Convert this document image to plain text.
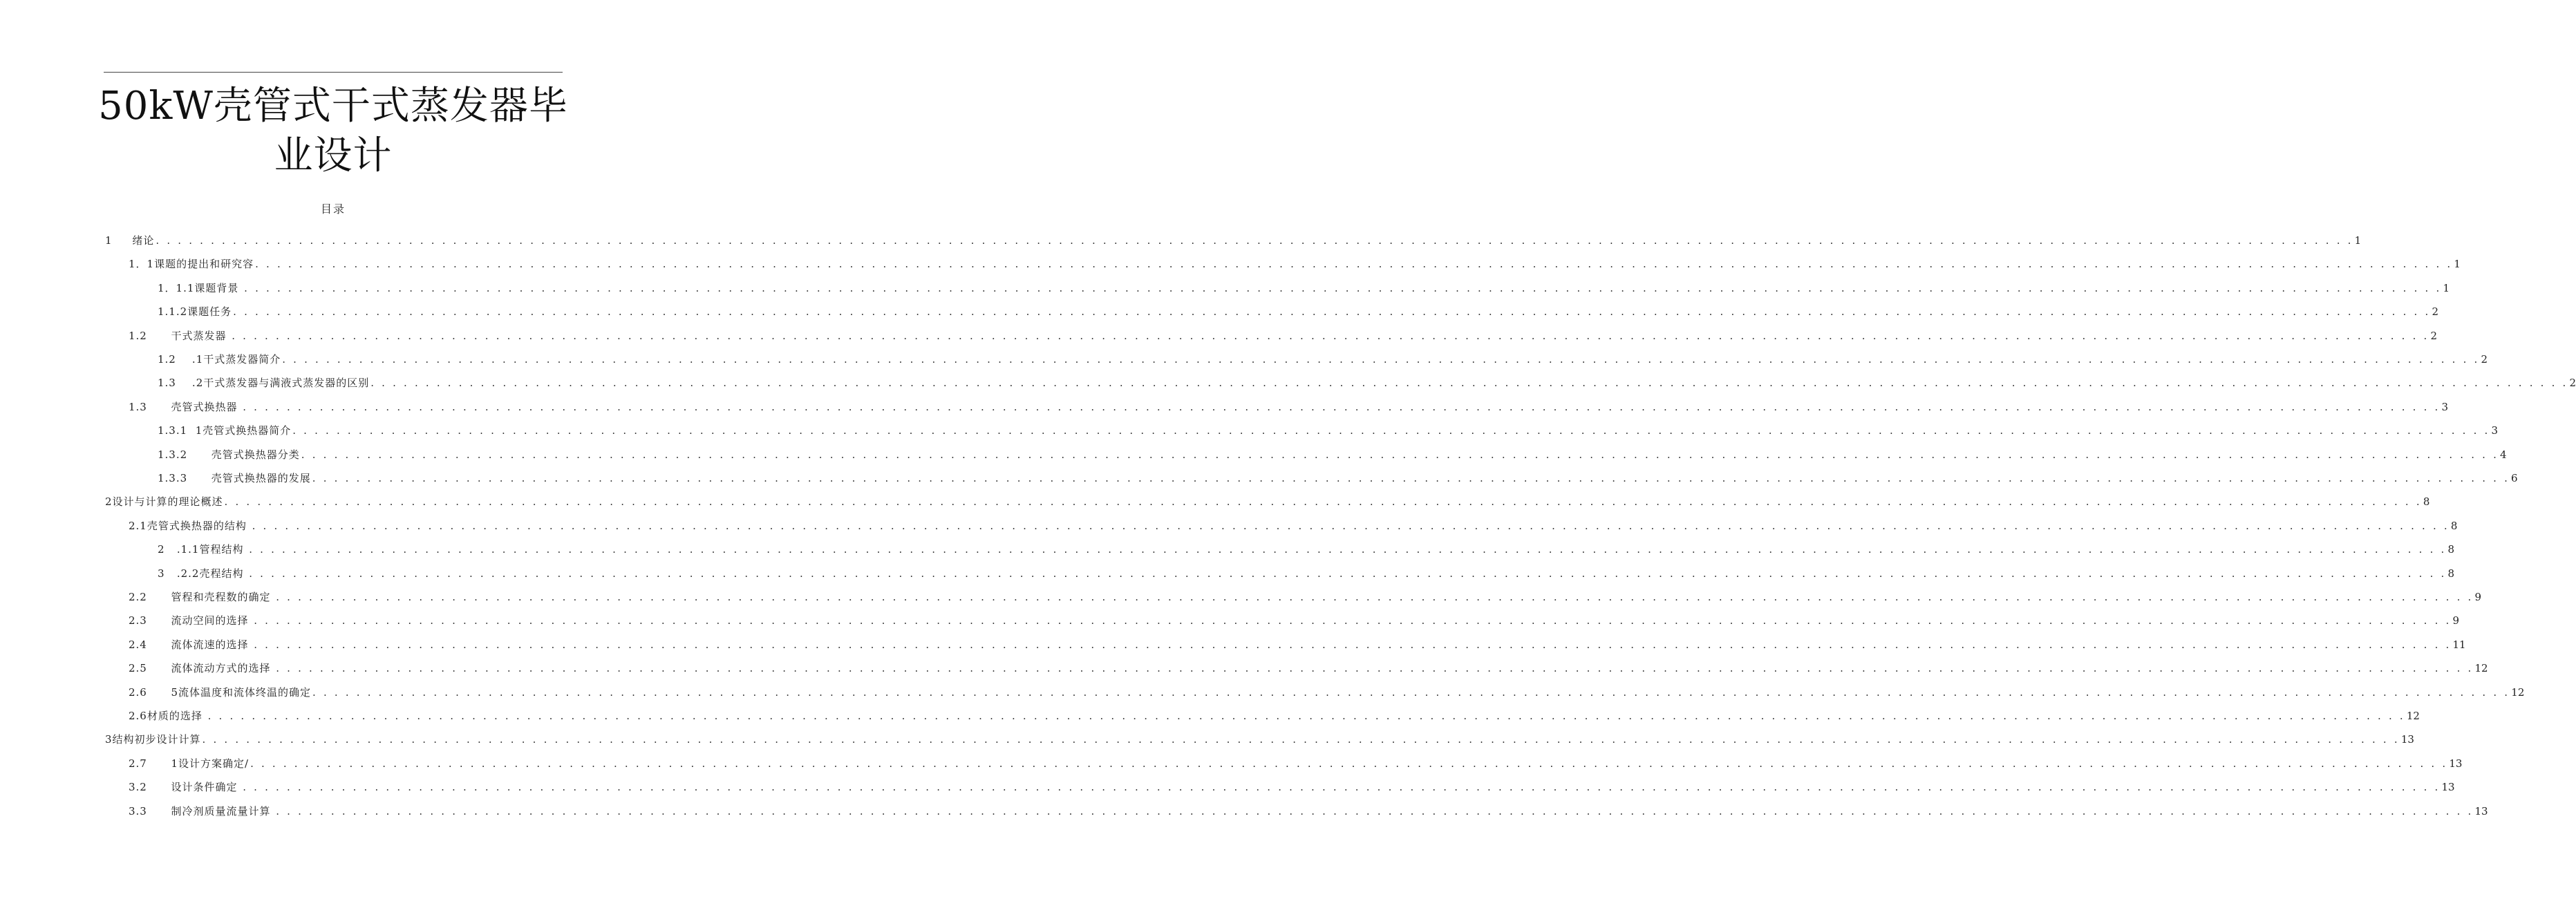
50kW壳管式干式蒸发器毕
业设计
目录
1     绪论 . . . . . . . . . . . . . . . . . . . . . . . . . . . . . . . . . . . . . . . . . . . . . . . . . . . . . . . . . . . . . . . . . . . . . . . . . . . . . . . . . . . . . . . . . . . . . . . . . . . . . . . . . . . . . . . . . . . . . . . . . . . . . . . . . . . . . . . . . . . . . . . . . . . . . . . . . . . . . . . . . . . . . . . . . . . . . . . . . . . . . . . . . . . . . . . . . . . . . . . . 1
1．1课题的提出和研究容 . . . . . . . . . . . . . . . . . . . . . . . . . . . . . . . . . . . . . . . . . . . . . . . . . . . . . . . . . . . . . . . . . . . . . . . . . . . . . . . . . . . . . . . . . . . . . . . . . . . . . . . . . . . . . . . . . . . . . . . . . . . . . . . . . . . . . . . . . . . . . . . . . . . . . . . . . . . . . . . . . . . . . . . . . . . . . . . . . . . . . . . . . . . . . . . . . . . . . . . . 1
1．1.1课题背景 . . . . . . . . . . . . . . . . . . . . . . . . . . . . . . . . . . . . . . . . . . . . . . . . . . . . . . . . . . . . . . . . . . . . . . . . . . . . . . . . . . . . . . . . . . . . . . . . . . . . . . . . . . . . . . . . . . . . . . . . . . . . . . . . . . . . . . . . . . . . . . . . . . . . . . . . . . . . . . . . . . . . . . . . . . . . . . . . . . . . . . . . . . . . . . . . . . . . . . . . 1
1.1.2课题任务 . . . . . . . . . . . . . . . . . . . . . . . . . . . . . . . . . . . . . . . . . . . . . . . . . . . . . . . . . . . . . . . . . . . . . . . . . . . . . . . . . . . . . . . . . . . . . . . . . . . . . . . . . . . . . . . . . . . . . . . . . . . . . . . . . . . . . . . . . . . . . . . . . . . . . . . . . . . . . . . . . . . . . . . . . . . . . . . . . . . . . . . . . . . . . . . . . . . . . . . . 2
1.2      干式蒸发器 . . . . . . . . . . . . . . . . . . . . . . . . . . . . . . . . . . . . . . . . . . . . . . . . . . . . . . . . . . . . . . . . . . . . . . . . . . . . . . . . . . . . . . . . . . . . . . . . . . . . . . . . . . . . . . . . . . . . . . . . . . . . . . . . . . . . . . . . . . . . . . . . . . . . . . . . . . . . . . . . . . . . . . . . . . . . . . . . . . . . . . . . . . . . . . . . . . . . . . . . 2
1.2    .1干式蒸发器简介 . . . . . . . . . . . . . . . . . . . . . . . . . . . . . . . . . . . . . . . . . . . . . . . . . . . . . . . . . . . . . . . . . . . . . . . . . . . . . . . . . . . . . . . . . . . . . . . . . . . . . . . . . . . . . . . . . . . . . . . . . . . . . . . . . . . . . . . . . . . . . . . . . . . . . . . . . . . . . . . . . . . . . . . . . . . . . . . . . . . . . . . . . . . . . . . . . . . . . . . . 2
1.3    .2干式蒸发器与满液式蒸发器的区别 . . . . . . . . . . . . . . . . . . . . . . . . . . . . . . . . . . . . . . . . . . . . . . . . . . . . . . . . . . . . . . . . . . . . . . . . . . . . . . . . . . . . . . . . . . . . . . . . . . . . . . . . . . . . . . . . . . . . . . . . . . . . . . . . . . . . . . . . . . . . . . . . . . . . . . . . . . . . . . . . . . . . . . . . . . . . . . . . . . . . . . . . . . . . . . . . . . . . . . . . 2
1.3      壳管式换热器 . . . . . . . . . . . . . . . . . . . . . . . . . . . . . . . . . . . . . . . . . . . . . . . . . . . . . . . . . . . . . . . . . . . . . . . . . . . . . . . . . . . . . . . . . . . . . . . . . . . . . . . . . . . . . . . . . . . . . . . . . . . . . . . . . . . . . . . . . . . . . . . . . . . . . . . . . . . . . . . . . . . . . . . . . . . . . . . . . . . . . . . . . . . . . . . . . . . . . . . . 3
1.3.1  1壳管式换热器简介 . . . . . . . . . . . . . . . . . . . . . . . . . . . . . . . . . . . . . . . . . . . . . . . . . . . . . . . . . . . . . . . . . . . . . . . . . . . . . . . . . . . . . . . . . . . . . . . . . . . . . . . . . . . . . . . . . . . . . . . . . . . . . . . . . . . . . . . . . . . . . . . . . . . . . . . . . . . . . . . . . . . . . . . . . . . . . . . . . . . . . . . . . . . . . . . . . . . . . . . . 3
1.3.2      壳管式换热器分类 . . . . . . . . . . . . . . . . . . . . . . . . . . . . . . . . . . . . . . . . . . . . . . . . . . . . . . . . . . . . . . . . . . . . . . . . . . . . . . . . . . . . . . . . . . . . . . . . . . . . . . . . . . . . . . . . . . . . . . . . . . . . . . . . . . . . . . . . . . . . . . . . . . . . . . . . . . . . . . . . . . . . . . . . . . . . . . . . . . . . . . . . . . . . . . . . . . . . . . . . 4
1.3.3      壳管式换热器的发展 . . . . . . . . . . . . . . . . . . . . . . . . . . . . . . . . . . . . . . . . . . . . . . . . . . . . . . . . . . . . . . . . . . . . . . . . . . . . . . . . . . . . . . . . . . . . . . . . . . . . . . . . . . . . . . . . . . . . . . . . . . . . . . . . . . . . . . . . . . . . . . . . . . . . . . . . . . . . . . . . . . . . . . . . . . . . . . . . . . . . . . . . . . . . . . . . . . . . . . . . 6
2设计与计算的理论概述 . . . . . . . . . . . . . . . . . . . . . . . . . . . . . . . . . . . . . . . . . . . . . . . . . . . . . . . . . . . . . . . . . . . . . . . . . . . . . . . . . . . . . . . . . . . . . . . . . . . . . . . . . . . . . . . . . . . . . . . . . . . . . . . . . . . . . . . . . . . . . . . . . . . . . . . . . . . . . . . . . . . . . . . . . . . . . . . . . . . . . . . . . . . . . . . . . . . . . . . . 8
2.1壳管式换热器的结构 . . . . . . . . . . . . . . . . . . . . . . . . . . . . . . . . . . . . . . . . . . . . . . . . . . . . . . . . . . . . . . . . . . . . . . . . . . . . . . . . . . . . . . . . . . . . . . . . . . . . . . . . . . . . . . . . . . . . . . . . . . . . . . . . . . . . . . . . . . . . . . . . . . . . . . . . . . . . . . . . . . . . . . . . . . . . . . . . . . . . . . . . . . . . . . . . . . . . . . . . 8
2   .1.1管程结构 . . . . . . . . . . . . . . . . . . . . . . . . . . . . . . . . . . . . . . . . . . . . . . . . . . . . . . . . . . . . . . . . . . . . . . . . . . . . . . . . . . . . . . . . . . . . . . . . . . . . . . . . . . . . . . . . . . . . . . . . . . . . . . . . . . . . . . . . . . . . . . . . . . . . . . . . . . . . . . . . . . . . . . . . . . . . . . . . . . . . . . . . . . . . . . . . . . . . . . . . 8
3   .2.2壳程结构 . . . . . . . . . . . . . . . . . . . . . . . . . . . . . . . . . . . . . . . . . . . . . . . . . . . . . . . . . . . . . . . . . . . . . . . . . . . . . . . . . . . . . . . . . . . . . . . . . . . . . . . . . . . . . . . . . . . . . . . . . . . . . . . . . . . . . . . . . . . . . . . . . . . . . . . . . . . . . . . . . . . . . . . . . . . . . . . . . . . . . . . . . . . . . . . . . . . . . . . . 8
2.2      管程和壳程数的确定 . . . . . . . . . . . . . . . . . . . . . . . . . . . . . . . . . . . . . . . . . . . . . . . . . . . . . . . . . . . . . . . . . . . . . . . . . . . . . . . . . . . . . . . . . . . . . . . . . . . . . . . . . . . . . . . . . . . . . . . . . . . . . . . . . . . . . . . . . . . . . . . . . . . . . . . . . . . . . . . . . . . . . . . . . . . . . . . . . . . . . . . . . . . . . . . . . . . . . . . . 9
2.3      流动空间的选择 . . . . . . . . . . . . . . . . . . . . . . . . . . . . . . . . . . . . . . . . . . . . . . . . . . . . . . . . . . . . . . . . . . . . . . . . . . . . . . . . . . . . . . . . . . . . . . . . . . . . . . . . . . . . . . . . . . . . . . . . . . . . . . . . . . . . . . . . . . . . . . . . . . . . . . . . . . . . . . . . . . . . . . . . . . . . . . . . . . . . . . . . . . . . . . . . . . . . . . . . 9
2.4      流体流速的选择 . . . . . . . . . . . . . . . . . . . . . . . . . . . . . . . . . . . . . . . . . . . . . . . . . . . . . . . . . . . . . . . . . . . . . . . . . . . . . . . . . . . . . . . . . . . . . . . . . . . . . . . . . . . . . . . . . . . . . . . . . . . . . . . . . . . . . . . . . . . . . . . . . . . . . . . . . . . . . . . . . . . . . . . . . . . . . . . . . . . . . . . . . . . . . . . . . . . . . . . . 11
2.5      流体流动方式的选择 . . . . . . . . . . . . . . . . . . . . . . . . . . . . . . . . . . . . . . . . . . . . . . . . . . . . . . . . . . . . . . . . . . . . . . . . . . . . . . . . . . . . . . . . . . . . . . . . . . . . . . . . . . . . . . . . . . . . . . . . . . . . . . . . . . . . . . . . . . . . . . . . . . . . . . . . . . . . . . . . . . . . . . . . . . . . . . . . . . . . . . . . . . . . . . . . . . . . . . . . 12
2.6      5流体温度和流体终温的确定 . . . . . . . . . . . . . . . . . . . . . . . . . . . . . . . . . . . . . . . . . . . . . . . . . . . . . . . . . . . . . . . . . . . . . . . . . . . . . . . . . . . . . . . . . . . . . . . . . . . . . . . . . . . . . . . . . . . . . . . . . . . . . . . . . . . . . . . . . . . . . . . . . . . . . . . . . . . . . . . . . . . . . . . . . . . . . . . . . . . . . . . . . . . . . . . . . . . . . . . . 12
2.6材质的选择 . . . . . . . . . . . . . . . . . . . . . . . . . . . . . . . . . . . . . . . . . . . . . . . . . . . . . . . . . . . . . . . . . . . . . . . . . . . . . . . . . . . . . . . . . . . . . . . . . . . . . . . . . . . . . . . . . . . . . . . . . . . . . . . . . . . . . . . . . . . . . . . . . . . . . . . . . . . . . . . . . . . . . . . . . . . . . . . . . . . . . . . . . . . . . . . . . . . . . . . . 12
3结构初步设计计算 . . . . . . . . . . . . . . . . . . . . . . . . . . . . . . . . . . . . . . . . . . . . . . . . . . . . . . . . . . . . . . . . . . . . . . . . . . . . . . . . . . . . . . . . . . . . . . . . . . . . . . . . . . . . . . . . . . . . . . . . . . . . . . . . . . . . . . . . . . . . . . . . . . . . . . . . . . . . . . . . . . . . . . . . . . . . . . . . . . . . . . . . . . . . . . . . . . . . . . . . 13
2.7      1设计方案确定/ . . . . . . . . . . . . . . . . . . . . . . . . . . . . . . . . . . . . . . . . . . . . . . . . . . . . . . . . . . . . . . . . . . . . . . . . . . . . . . . . . . . . . . . . . . . . . . . . . . . . . . . . . . . . . . . . . . . . . . . . . . . . . . . . . . . . . . . . . . . . . . . . . . . . . . . . . . . . . . . . . . . . . . . . . . . . . . . . . . . . . . . . . . . . . . . . . . . . . . . . 13
3.2      设计条件确定 . . . . . . . . . . . . . . . . . . . . . . . . . . . . . . . . . . . . . . . . . . . . . . . . . . . . . . . . . . . . . . . . . . . . . . . . . . . . . . . . . . . . . . . . . . . . . . . . . . . . . . . . . . . . . . . . . . . . . . . . . . . . . . . . . . . . . . . . . . . . . . . . . . . . . . . . . . . . . . . . . . . . . . . . . . . . . . . . . . . . . . . . . . . . . . . . . . . . . . . . 13
3.3      制冷剂质量流量计算 . . . . . . . . . . . . . . . . . . . . . . . . . . . . . . . . . . . . . . . . . . . . . . . . . . . . . . . . . . . . . . . . . . . . . . . . . . . . . . . . . . . . . . . . . . . . . . . . . . . . . . . . . . . . . . . . . . . . . . . . . . . . . . . . . . . . . . . . . . . . . . . . . . . . . . . . . . . . . . . . . . . . . . . . . . . . . . . . . . . . . . . . . . . . . . . . . . . . . . . . 13
